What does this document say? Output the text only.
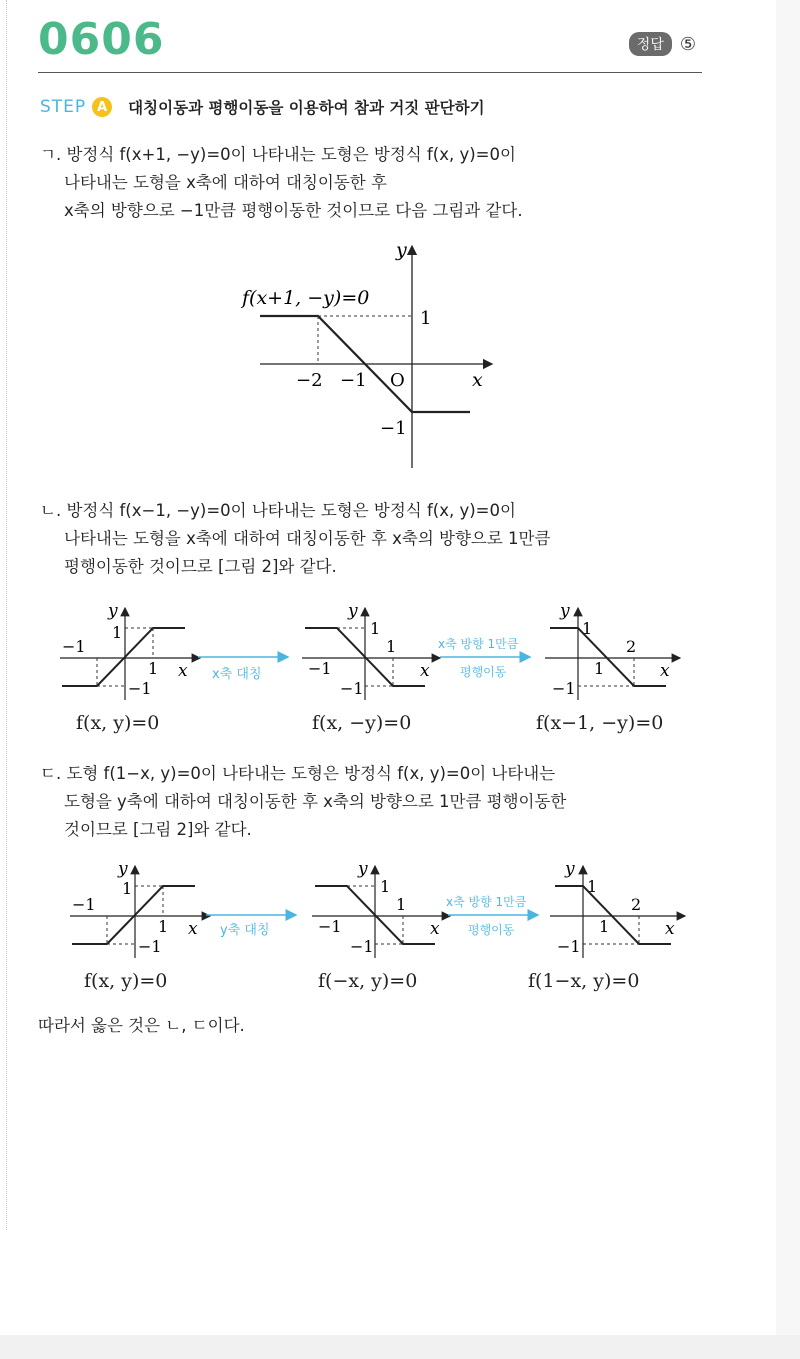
0606	정답 ⑤
STEP A	대칭이동과 평행이동을 이용하여 참과 거짓 판단하기
ㄱ. 방정식 f(x+1, −y)=0이 나타내는 도형은 방정식 f(x, y)=0이
나타내는 도형을 x축에 대하여 대칭이동한 후
x축의 방향으로 −1만큼 평행이동한 것이므로 다음 그림과 같다.
f(x+1, −y)=0
y
x
1
−2 −1 O
−1
ㄴ. 방정식 f(x−1, −y)=0이 나타내는 도형은 방정식 f(x, y)=0이
나타내는 도형을 x축에 대하여 대칭이동한 후 x축의 방향으로 1만큼
평행이동한 것이므로 [그림 2]와 같다.
y
1
−1
1 x
−1
x축 대칭
y
1
1
−1	x
−1
x축 방향 1만큼
평행이동
y
1
2
1	x
−1
f(x, y)=0	f(x, −y)=0	f(x−1, −y)=0
ㄷ. 도형 f(1−x, y)=0이 나타내는 도형은 방정식 f(x, y)=0이 나타내는
도형을 y축에 대하여 대칭이동한 후 x축의 방향으로 1만큼 평행이동한
것이므로 [그림 2]와 같다.
y
1
−1
1 x
−1
y축 대칭
y
1
1
−1	x
−1
x축 방향 1만큼
평행이동
y
1
2
1	x
−1
f(x, y)=0	f(−x, y)=0	f(1−x, y)=0
따라서 옳은 것은 ㄴ, ㄷ이다.
